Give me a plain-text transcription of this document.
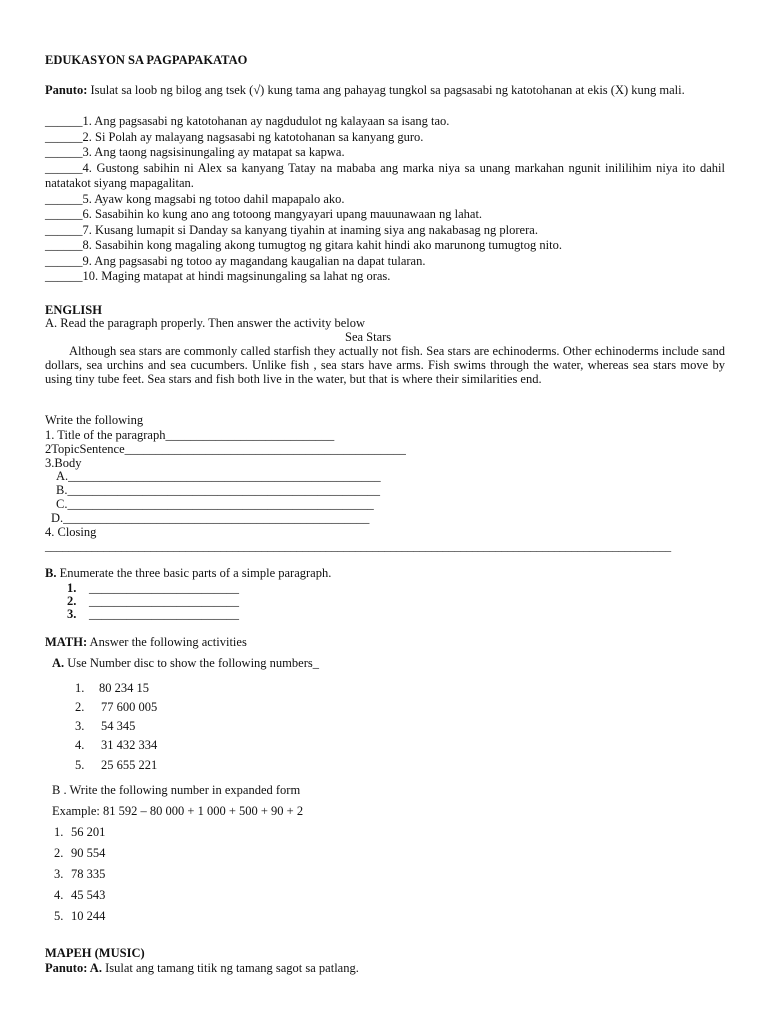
EDUKASYON SA PAGPAPAKATAO
Panuto: Isulat sa loob ng bilog ang tsek (√) kung tama ang pahayag tungkol sa pagsasabi ng katotohanan at ekis (X) kung mali.
______1. Ang pagsasabi ng katotohanan ay nagdudulot ng kalayaan sa isang tao.
______2. Si Polah ay malayang nagsasabi ng katotohanan sa kanyang guro.
______3. Ang taong nagsisinungaling ay matapat sa kapwa.
______4. Gustong sabihin ni Alex sa kanyang Tatay na mababa ang marka niya sa unang markahan ngunit inililihim niya ito dahil natatakot siyang mapagalitan.
______5. Ayaw kong magsabi ng totoo dahil mapapalo ako.
______6. Sasabihin ko kung ano ang totoong mangyayari upang mauunawaan ng lahat.
______7. Kusang lumapit si Danday sa kanyang tiyahin at inaming siya ang nakabasag ng plorera.
______8. Sasabihin kong magaling akong tumugtog ng gitara kahit hindi ako marunong tumugtog nito.
______9. Ang pagsasabi ng totoo ay magandang kaugalian na dapat tularan.
______10. Maging matapat at hindi magsinungaling sa lahat ng oras.
ENGLISH
A. Read the paragraph properly. Then answer the activity below
Sea Stars
Although sea stars are commonly called starfish they actually not fish. Sea stars are echinoderms. Other echinoderms include sand dollars, sea urchins and sea cucumbers. Unlike fish , sea stars have arms. Fish swims through the water, whereas sea stars move by using tiny tube feet. Sea stars and fish both live in the water, but that is where their similarities end.
Write the following
1. Title of the paragraph___________________________
2TopicSentence_____________________________________________
3.Body
A.__________________________________________________
B.__________________________________________________
C._________________________________________________
D._________________________________________________
4. Closing
___________________________________________________________________________________________________________
B. Enumerate the three basic parts of a simple paragraph.
1. ________________________
2. ________________________
3. ________________________
MATH: Answer the following activities
A. Use Number disc to show the following numbers_
1. 80 234 15
2. 77 600 005
3. 54 345
4. 31 432 334
5. 25 655 221
B . Write the following number in expanded form
Example: 81 592 – 80 000 + 1 000 + 500 + 90 + 2
1. 56 201
2. 90 554
3. 78 335
4. 45 543
5. 10 244
MAPEH (MUSIC)
Panuto: A. Isulat ang tamang titik ng tamang sagot sa patlang.
